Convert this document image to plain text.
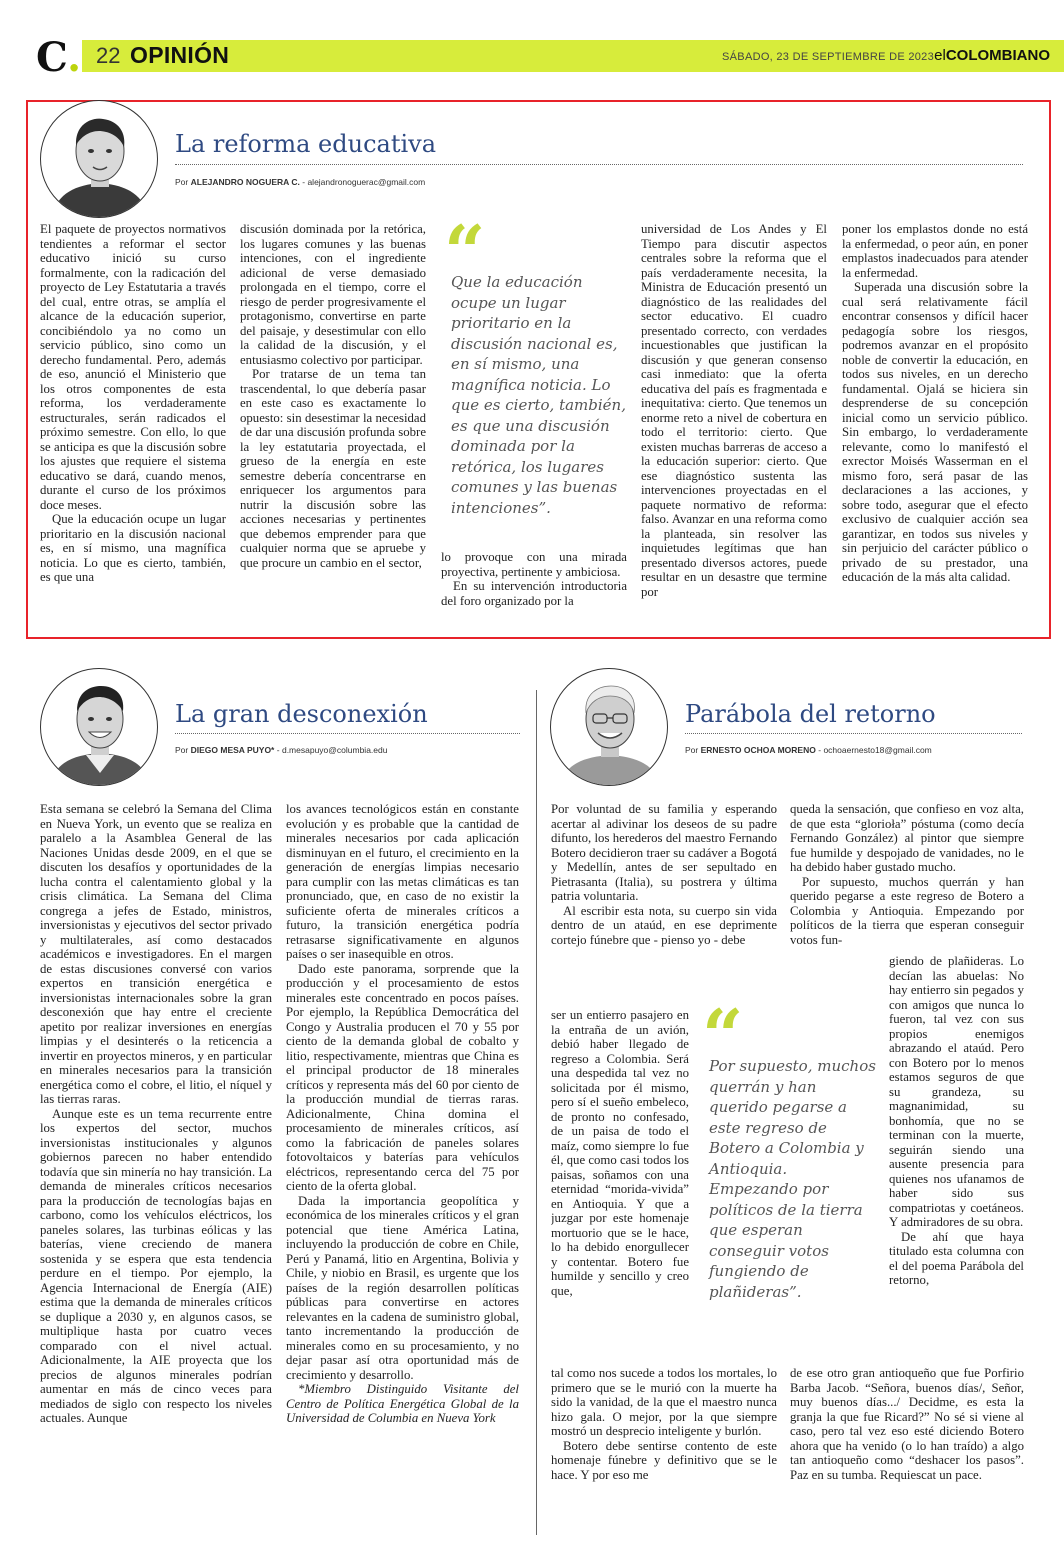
C. 22 OPINIÓN	SÁBADO, 23 DE SEPTIEMBRE DE 2023 elCOLOMBIANO
La reforma educativa
Por ALEJANDRO NOGUERA C. - alejandronoguerac@gmail.com

El paquete de proyectos normativos tendientes a reformar el sector educativo inició su curso formalmente, con la radicación del proyecto de Ley Estatutaria a través del cual, entre otras, se amplía el alcance de la educación superior, concibiéndolo ya no como un servicio público, sino como un derecho fundamental. Pero, además de eso, anunció el Ministerio que los otros componentes de esta reforma, los verdaderamente estructurales, serán radicados el próximo semestre. Con ello, lo que se anticipa es que la discusión sobre los ajustes que requiere el sistema educativo se dará, cuando menos, durante el curso de los próximos doce meses.

Que la educación ocupe un lugar prioritario en la discusión nacional es, en sí mismo, una magnífica noticia. Lo que es cierto, también, es que una

discusión dominada por la retórica, los lugares comunes y las buenas intenciones, con el ingrediente adicional de verse demasiado prolongada en el tiempo, corre el riesgo de perder progresivamente el protagonismo, convertirse en parte del paisaje, y desestimular con ello la calidad de la discusión, y el entusiasmo colectivo por participar.

Por tratarse de un tema tan trascendental, lo que debería pasar en este caso es exactamente lo opuesto: sin desestimar la necesidad de dar una discusión profunda sobre la ley estatutaria proyectada, el grueso de la energía en este semestre debería concentrarse en enriquecer los argumentos para nutrir la discusión sobre las acciones necesarias y pertinentes que debemos emprender para que cualquier norma que se apruebe y que procure un cambio en el sector,

“
Que la educación ocupe un lugar prioritario en la discusión nacional es, en sí mismo, una magnífica noticia. Lo que es cierto, también, es que una discusión dominada por la retórica, los lugares comunes y las buenas intenciones”.

lo provoque con una mirada proyectiva, pertinente y ambiciosa.

En su intervención introductoria del foro organizado por la

universidad de Los Andes y El Tiempo para discutir aspectos centrales sobre la reforma que el país verdaderamente necesita, la Ministra de Educación presentó un diagnóstico de las realidades del sector educativo. El cuadro presentado correcto, con verdades incuestionables que justifican la discusión y que generan consenso casi inmediato: que la oferta educativa del país es fragmentada e inequitativa: cierto. Que tenemos un enorme reto a nivel de cobertura en todo el territorio: cierto. Que existen muchas barreras de acceso a la educación superior: cierto. Que ese diagnóstico sustenta las intervenciones proyectadas en el paquete normativo de reforma: falso. Avanzar en una reforma como la planteada, sin resolver las inquietudes legítimas que han presentado diversos actores, puede resultar en un desastre que termine por

poner los emplastos donde no está la enfermedad, o peor aún, en poner emplastos inadecuados para atender la enfermedad.

Superada una discusión sobre la cual será relativamente fácil encontrar consensos y difícil hacer pedagogía sobre los riesgos, podremos avanzar en el propósito noble de convertir la educación, en todos sus niveles, en un derecho fundamental. Ojalá se hiciera sin desprenderse de su concepción inicial como un servicio público. Sin embargo, lo verdaderamente relevante, como lo manifestó el exrector Moisés Wasserman en el mismo foro, será pasar de las declaraciones a las acciones, y sobre todo, asegurar que el efecto exclusivo de cualquier acción sea garantizar, en todos sus niveles y sin perjuicio del carácter público o privado de su prestador, una educación de la más alta calidad.

La gran desconexión
Por DIEGO MESA PUYO* - d.mesapuyo@columbia.edu

Esta semana se celebró la Semana del Clima en Nueva York, un evento que se realiza en paralelo a la Asamblea General de las Naciones Unidas desde 2009, en el que se discuten los desafíos y oportunidades de la lucha contra el calentamiento global y la crisis climática. La Semana del Clima congrega a jefes de Estado, ministros, inversionistas y ejecutivos del sector privado y multilaterales, así como destacados académicos e investigadores. En el margen de estas discusiones conversé con varios expertos en transición energética e inversionistas internacionales sobre la gran desconexión que hay entre el creciente apetito por realizar inversiones en energías limpias y el desinterés o la reticencia a invertir en proyectos mineros, y en particular en minerales necesarios para la transición energética como el cobre, el litio, el níquel y las tierras raras.

Aunque este es un tema recurrente entre los expertos del sector, muchos inversionistas institucionales y algunos gobiernos parecen no haber entendido todavía que sin minería no hay transición. La demanda de minerales críticos necesarios para la producción de tecnologías bajas en carbono, como los vehículos eléctricos, los paneles solares, las turbinas eólicas y las baterías, viene creciendo de manera sostenida y se espera que esta tendencia perdure en el tiempo. Por ejemplo, la Agencia Internacional de Energía (AIE) estima que la demanda de minerales críticos se duplique a 2030 y, en algunos casos, se multiplique hasta por cuatro veces comparado con el nivel actual. Adicionalmente, la AIE proyecta que los precios de algunos minerales podrían aumentar en más de cinco veces para mediados de siglo con respecto los niveles actuales. Aunque

los avances tecnológicos están en constante evolución y es probable que la cantidad de minerales necesarios por cada aplicación disminuyan en el futuro, el crecimiento en la generación de energías limpias necesario para cumplir con las metas climáticas es tan pronunciado, que, en caso de no existir la suficiente oferta de minerales críticos a futuro, la transición energética podría retrasarse significativamente en algunos países o ser inasequible en otros.

Dado este panorama, sorprende que la producción y el procesamiento de estos minerales este concentrado en pocos países. Por ejemplo, la República Democrática del Congo y Australia producen el 70 y 55 por ciento de la demanda global de cobalto y litio, respectivamente, mientras que China es el principal productor de 18 minerales críticos y representa más del 60 por ciento de la producción mundial de tierras raras. Adicionalmente, China domina el procesamiento de minerales críticos, así como la fabricación de paneles solares fotovoltaicos y baterías para vehículos eléctricos, representando cerca del 75 por ciento de la oferta global.

Dada la importancia geopolítica y económica de los minerales críticos y el gran potencial que tiene América Latina, incluyendo la producción de cobre en Chile, Perú y Panamá, litio en Argentina, Bolivia y Chile, y niobio en Brasil, es urgente que los países de la región desarrollen políticas públicas para convertirse en actores relevantes en la cadena de suministro global, tanto incrementando la producción de minerales como en su procesamiento, y no dejar pasar así otra oportunidad más de crecimiento y desarrollo.

*Miembro Distinguido Visitante del Centro de Política Energética Global de la Universidad de Columbia en Nueva York

Parábola del retorno
Por ERNESTO OCHOA MORENO - ochoaernesto18@gmail.com

Por voluntad de su familia y esperando acertar al adivinar los deseos de su padre difunto, los herederos del maestro Fernando Botero decidieron traer su cadáver a Bogotá y Medellín, antes de ser sepultado en Pietrasanta (Italia), su postrera y última patria voluntaria.

Al escribir esta nota, su cuerpo sin vida dentro de un ataúd, en ese deprimente cortejo fúnebre que - pienso yo - debe

ser un entierro pasajero en la entraña de un avión, debió haber llegado de regreso a Colombia. Será una despedida tal vez no solicitada por él mismo, pero sí el sueño embeleco, de pronto no confesado, de un paisa de todo el maíz, como siempre lo fue él, que como casi todos los paisas, soñamos con una eternidad “morida-vivida” en Antioquia. Y que a juzgar por este homenaje mortuorio que se le hace, lo ha debido enorgullecer y contentar. Botero fue humilde y sencillo y creo que,

tal como nos sucede a todos los mortales, lo primero que se le murió con la muerte ha sido la vanidad, de la que el maestro nunca hizo gala. O mejor, por la que siempre mostró un desprecio inteligente y burlón.

Botero debe sentirse contento de este homenaje fúnebre y definitivo que se le hace. Y por eso me

“
Por supuesto, muchos querrán y han querido pegarse a este regreso de Botero a Colombia y Antioquia. Empezando por políticos de la tierra que esperan conseguir votos fungiendo de plañideras”.

queda la sensación, que confieso en voz alta, de que esta “glorioła” póstuma (como decía Fernando González) al pintor que siempre fue humilde y despojado de vanidades, no le ha debido haber gustado mucho.

Por supuesto, muchos querrán y han querido pegarse a este regreso de Botero a Colombia y Antioquia. Empezando por políticos de la tierra que esperan conseguir votos fun-

giendo de plañideras. Lo decían las abuelas: No hay entierro sin pegados y con amigos que nunca lo fueron, tal vez con sus propios enemigos abrazando el ataúd. Pero con Botero por lo menos estamos seguros de que su grandeza, su magnanimidad, su bonhomía, que no se terminan con la muerte, seguirán siendo una ausente presencia para quienes nos ufanamos de haber sido sus compatriotas y coetáneos. Y admiradores de su obra.

De ahí que haya titulado esta columna con el del poema Parábola del retorno,

de ese otro gran antioqueño que fue Porfirio Barba Jacob. “Señora, buenos días/, Señor, muy buenos días.../ Decidme, es esta la granja la que fue Ricard?” No sé si viene al caso, pero tal vez eso esté diciendo Botero ahora que ha venido (o lo han traído) a algo tan antioqueño como “deshacer los pasos”. Paz en su tumba. Requiescat un pace.
